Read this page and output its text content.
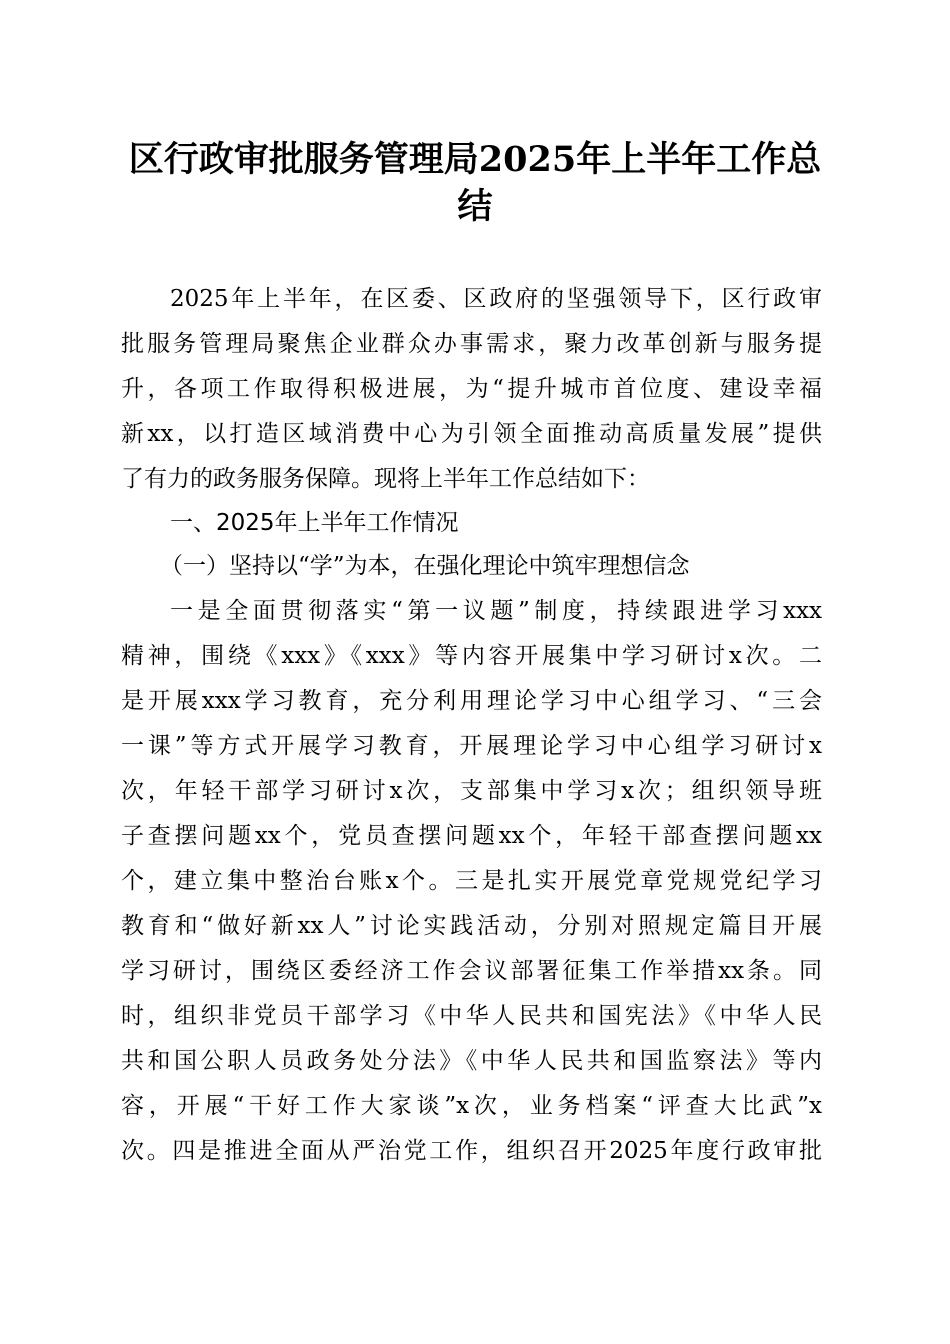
区行政审批服务管理局2025年上半年工作总
结
2025年上半年，在区委、区政府的坚强领导下，区行政审
批服务管理局聚焦企业群众办事需求，聚力改革创新与服务提
升，各项工作取得积极进展，为“提升城市首位度、建设幸福
新xx，以打造区域消费中心为引领全面推动高质量发展”提供
了有力的政务服务保障。现将上半年工作总结如下：
一、2025年上半年工作情况
（一）坚持以“学”为本，在强化理论中筑牢理想信念
一是全面贯彻落实“第一议题”制度，持续跟进学习xxx
精神，围绕《xxx》《xxx》等内容开展集中学习研讨x次。二
是开展xxx学习教育，充分利用理论学习中心组学习、“三会
一课”等方式开展学习教育，开展理论学习中心组学习研讨x
次，年轻干部学习研讨x次，支部集中学习x次；组织领导班
子查摆问题xx个，党员查摆问题xx个，年轻干部查摆问题xx
个，建立集中整治台账x个。三是扎实开展党章党规党纪学习
教育和“做好新xx人”讨论实践活动，分别对照规定篇目开展
学习研讨，围绕区委经济工作会议部署征集工作举措xx条。同
时，组织非党员干部学习《中华人民共和国宪法》《中华人民
共和国公职人员政务处分法》《中华人民共和国监察法》等内
容，开展“干好工作大家谈”x次，业务档案“评查大比武”x
次。四是推进全面从严治党工作，组织召开2025年度行政审批
